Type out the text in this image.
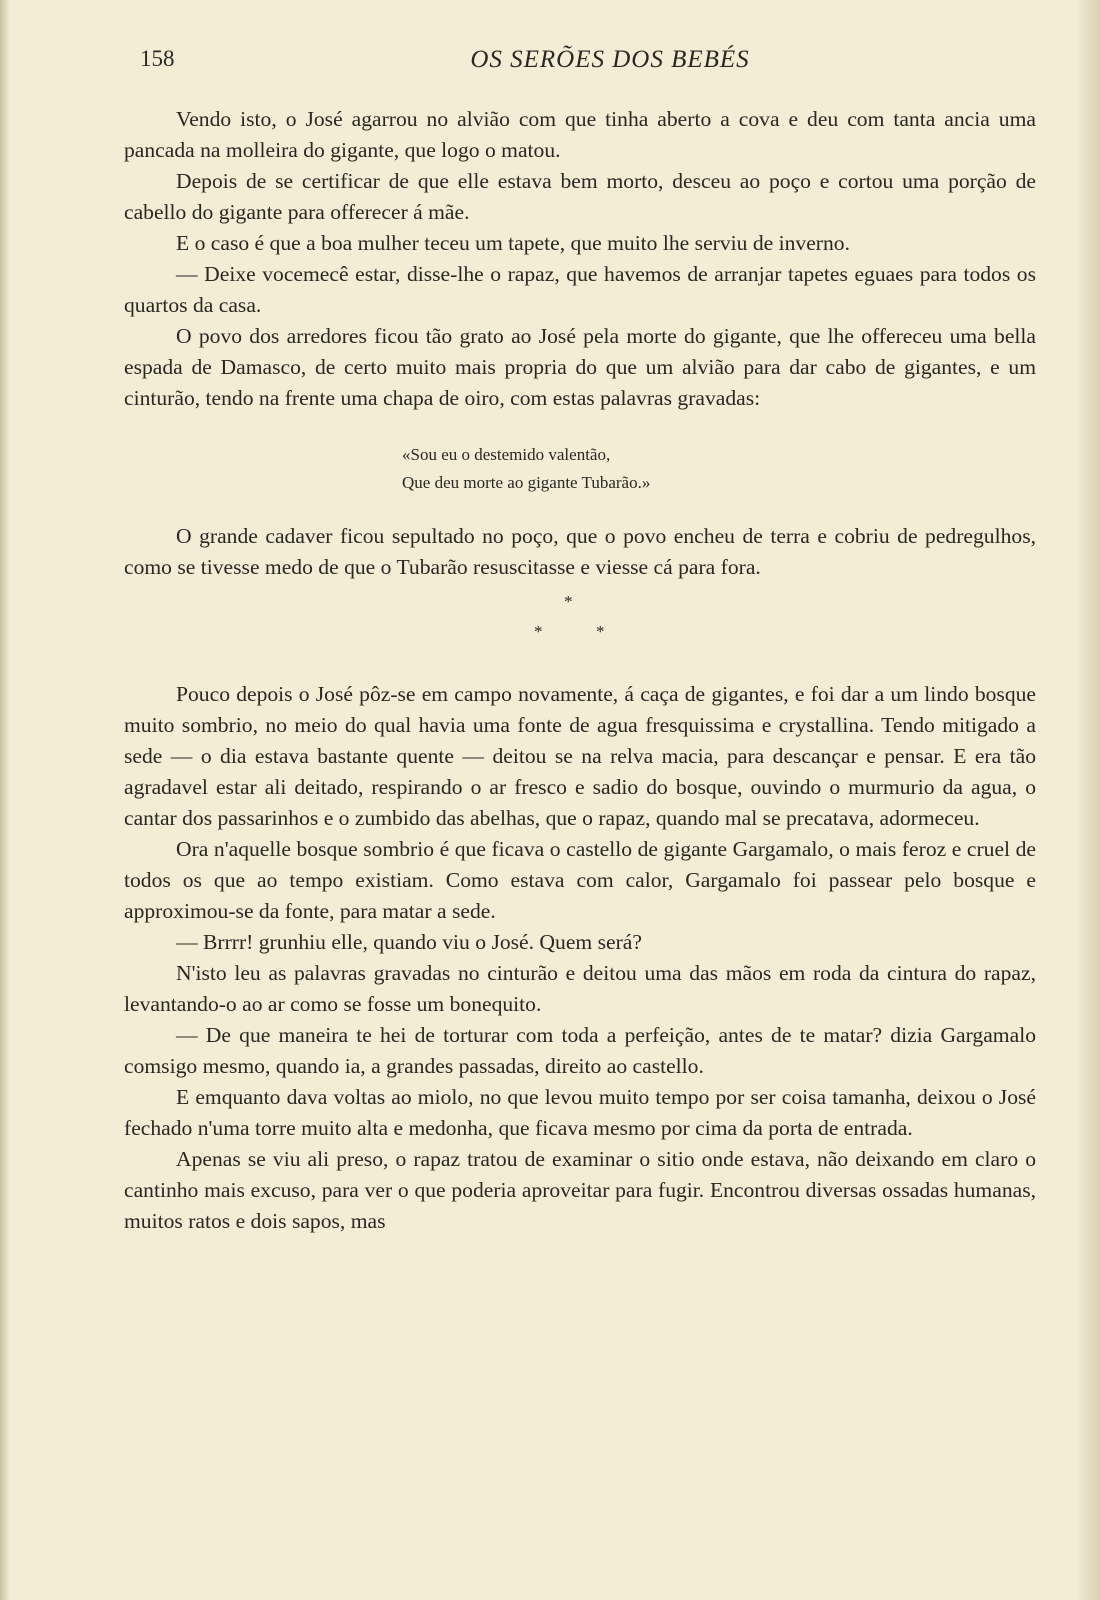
158	OS SERÕES DOS BEBÉS

Vendo isto, o José agarrou no alvião com que tinha aberto a cova e deu com tanta ancia uma pancada na molleira do gigante, que logo o matou.

Depois de se certificar de que elle estava bem morto, desceu ao poço e cortou uma porção de cabello do gigante para offerecer á mãe.

E o caso é que a boa mulher teceu um tapete, que muito lhe serviu de inverno.

— Deixe vocemecê estar, disse-lhe o rapaz, que havemos de arranjar tapetes eguaes para todos os quartos da casa.

O povo dos arredores ficou tão grato ao José pela morte do gigante, que lhe offereceu uma bella espada de Damasco, de certo muito mais propria do que um alvião para dar cabo de gigantes, e um cinturão, tendo na frente uma chapa de oiro, com estas palavras gravadas:

«Sou eu o destemido valentão,
Que deu morte ao gigante Tubarão.»

O grande cadaver ficou sepultado no poço, que o povo encheu de terra e cobriu de pedregulhos, como se tivesse medo de que o Tubarão resuscitasse e viesse cá para fora.

*
*	*

Pouco depois o José pôz-se em campo novamente, á caça de gigantes, e foi dar a um lindo bosque muito sombrio, no meio do qual havia uma fonte de agua fresquissima e crystallina. Tendo mitigado a sede — o dia estava bastante quente — deitou se na relva macia, para descançar e pensar. E era tão agradavel estar ali deitado, respirando o ar fresco e sadio do bosque, ouvindo o murmurio da agua, o cantar dos passarinhos e o zumbido das abelhas, que o rapaz, quando mal se precatava, adormeceu.

Ora n'aquelle bosque sombrio é que ficava o castello de gigante Gargamalo, o mais feroz e cruel de todos os que ao tempo existiam. Como estava com calor, Gargamalo foi passear pelo bosque e approximou-se da fonte, para matar a sede.

— Brrrr! grunhiu elle, quando viu o José. Quem será?

N'isto leu as palavras gravadas no cinturão e deitou uma das mãos em roda da cintura do rapaz, levantando-o ao ar como se fosse um bonequito.

— De que maneira te hei de torturar com toda a perfeição, antes de te matar? dizia Gargamalo comsigo mesmo, quando ia, a grandes passadas, direito ao castello.

E emquanto dava voltas ao miolo, no que levou muito tempo por ser coisa tamanha, deixou o José fechado n'uma torre muito alta e medonha, que ficava mesmo por cima da porta de entrada.

Apenas se viu ali preso, o rapaz tratou de examinar o sitio onde estava, não deixando em claro o cantinho mais excuso, para ver o que poderia aproveitar para fugir. Encontrou diversas ossadas humanas, muitos ratos e dois sapos, mas
